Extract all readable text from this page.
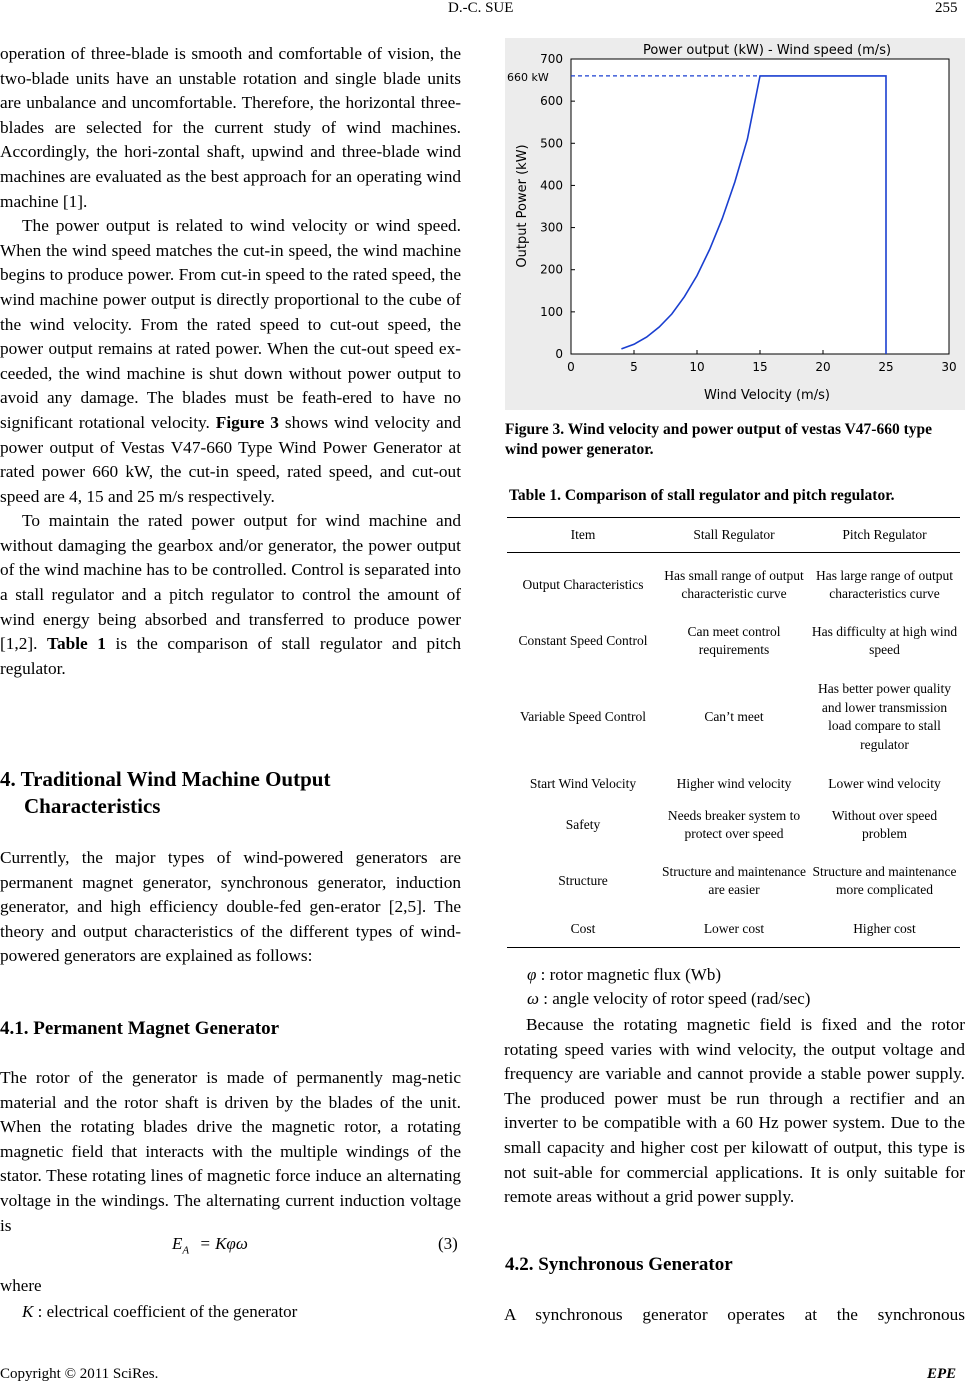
D.-C. SUE	255

operation of three-blade is smooth and comfortable of vision, the two-blade units have an unstable rotation and single blade units are unbalance and uncomfortable. Therefore, the horizontal three-blades are selected for the current study of wind machines. Accordingly, the hori-zontal shaft, upwind and three-blade wind machines are evaluated as the best approach for an operating wind machine [1].

The power output is related to wind velocity or wind speed. When the wind speed matches the cut-in speed, the wind machine begins to produce power. From cut-in speed to the rated speed, the wind machine power output is directly proportional to the cube of the wind velocity. From the rated speed to cut-out speed, the power output remains at rated power. When the cut-out speed ex-ceeded, the wind machine is shut down without power output to avoid any damage. The blades must be feath-ered to have no significant rotational velocity. Figure 3 shows wind velocity and power output of Vestas V47-660 Type Wind Power Generator at rated power 660 kW, the cut-in speed, rated speed, and cut-out speed are 4, 15 and 25 m/s respectively.

To maintain the rated power output for wind machine and without damaging the gearbox and/or generator, the power output of the wind machine has to be controlled. Control is separated into a stall regulator and a pitch regulator to control the amount of wind energy being absorbed and transferred to produce power [1,2]. Table 1 is the comparison of stall regulator and pitch regulator.

4. Traditional Wind Machine Output
Characteristics

Currently, the major types of wind-powered generators are permanent magnet generator, synchronous generator, induction generator, and high efficiency double-fed gen-erator [2,5]. The theory and output characteristics of the different types of wind-powered generators are explained as follows:

4.1. Permanent Magnet Generator

The rotor of the generator is made of permanently mag-netic material and the rotor shaft is driven by the blades of the unit. When the rotating blades drive the magnetic rotor, a rotating magnetic field that interacts with the multiple windings of the stator. These rotating lines of magnetic force induce an alternating voltage in the windings. The alternating current induction voltage is

$E_A = K\varphi\omega$	(3)
where
K : electrical coefficient of the generator
Power output (kW) - Wind speed (m/s)
Wind Velocity (m/s)
Output Power (kW)
660 kW
0	5	10	15	20	25	30
0
100
200
300
400
500
600
700
Figure 3. Wind velocity and power output of vestas V47-660 type wind power generator.
Table 1. Comparison of stall regulator and pitch regulator.
Item	Stall Regulator	Pitch Regulator
Output Characteristics	Has small range of output characteristic curve	Has large range of output characteristics curve
Constant Speed Control	Can meet control requirements	Has difficulty at high wind speed
Variable Speed Control	Can’t meet	Has better power quality and lower transmission load compare to stall regulator
Start Wind Velocity	Higher wind velocity	Lower wind velocity
Safety	Needs breaker system to protect over speed	Without over speed problem
Structure	Structure and maintenance are easier	Structure and maintenance more complicated
Cost	Lower cost	Higher cost
φ : rotor magnetic flux (Wb)
ω : angle velocity of rotor speed (rad/sec)

Because the rotating magnetic field is fixed and the rotor rotating speed varies with wind velocity, the output voltage and frequency are variable and cannot provide a stable power supply. The produced power must be run through a rectifier and an inverter to be compatible with a 60 Hz power system. Due to the small capacity and higher cost per kilowatt of output, this type is not suit-able for commercial applications. It is only suitable for remote areas without a grid power supply.

4.2. Synchronous Generator

A synchronous generator operates at the synchronous

Copyright © 2011 SciRes.	EPE
